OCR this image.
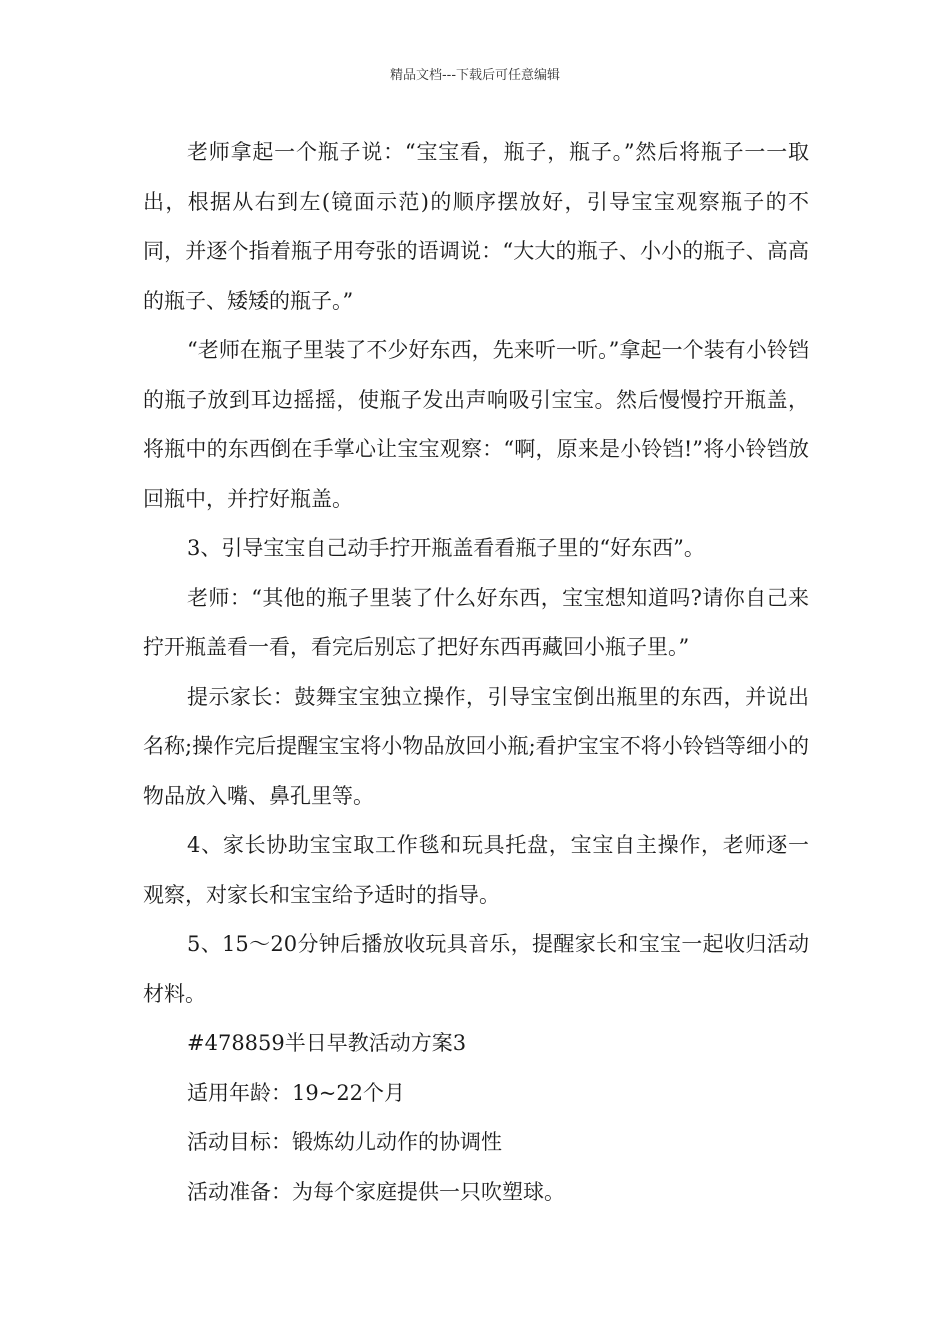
精品文档---下载后可任意编辑

老师拿起一个瓶子说：“宝宝看，瓶子，瓶子。”然后将瓶子一一取出，根据从右到左(镜面示范)的顺序摆放好，引导宝宝观察瓶子的不同，并逐个指着瓶子用夸张的语调说：“大大的瓶子、小小的瓶子、高高的瓶子、矮矮的瓶子。”

“老师在瓶子里装了不少好东西，先来听一听。”拿起一个装有小铃铛的瓶子放到耳边摇摇，使瓶子发出声响吸引宝宝。然后慢慢拧开瓶盖，将瓶中的东西倒在手掌心让宝宝观察：“啊，原来是小铃铛!”将小铃铛放回瓶中，并拧好瓶盖。

3、引导宝宝自己动手拧开瓶盖看看瓶子里的“好东西”。

老师：“其他的瓶子里装了什么好东西，宝宝想知道吗?请你自己来拧开瓶盖看一看，看完后别忘了把好东西再藏回小瓶子里。”

提示家长：鼓舞宝宝独立操作，引导宝宝倒出瓶里的东西，并说出名称;操作完后提醒宝宝将小物品放回小瓶;看护宝宝不将小铃铛等细小的物品放入嘴、鼻孔里等。

4、家长协助宝宝取工作毯和玩具托盘，宝宝自主操作，老师逐一观察，对家长和宝宝给予适时的指导。

5、15～20分钟后播放收玩具音乐，提醒家长和宝宝一起收归活动材料。

#478859半日早教活动方案3

适用年龄：19~22个月

活动目标：锻炼幼儿动作的协调性

活动准备：为每个家庭提供一只吹塑球。
